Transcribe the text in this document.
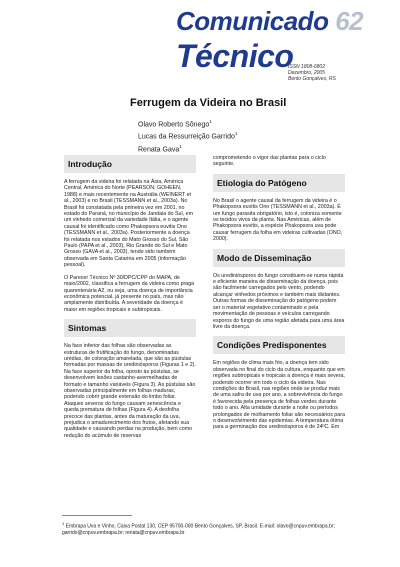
Comunicado 62
Técnico
ISSN 1808-6802
Dezembro, 2005
Bento Gonçalves, RS
Ferrugem da Videira no Brasil
Olavo Roberto Sônego$^1$
Lucas da Ressurreição Garrido$^1$
Renata Gava$^1$
Introdução

A ferrugem da videira foi relatada na Ásia, América Central, América do Norte (PEARSON; GOHEEN, 1988) e mais recentemente na Austrália (WEINERT et al., 2003) e no Brasil (TESSMANN et al., 2003a). No Brasil foi constatada pela primeira vez em 2001, no estado do Paraná, no município de Jandaia do Sul, em um vinhedo comercial da variedade Itália, e o agente causal foi identificado como Phakopsora euvitis Ono (TESSMANN et al., 2003a). Posteriormente a doença foi relatada nos estados do Mato Grosso do Sul, São Paulo (PAPA et al., 2003), Rio Grande do Sul e Mato Grosso (GAVA et al., 2003), tendo sido também observada em Santa Catarina em 2005 (informação pessoal).

O Parecer Técnico Nº 30/DPC/CPP do MAPA, de maio/2002, classifica a ferrugem da videira como praga quarentenária A2, ou seja, uma doença de importância econômica potencial, já presente no país, mas não amplamente distribuída. A severidade da doença é maior em regiões tropicais e subtropicais.

Sintomas

Na face inferior das folhas são observadas as estruturas de frutificação do fungo, denominadas urédias, de coloração amarelada, que são as pústulas formadas por massas de urediniósporos (Figuras 1 e 2). Na face superior da folha, oposto às pústulas, se desenvolvem lesões castanho-avermelhadas de formato e tamanho variáveis (Figura 3). As pústulas são observadas principalmente em folhas maduras, podendo cobrir grande extensão do limbo foliar. Ataques severos do fungo causam senescência e queda prematura de folhas (Figura 4). A desfolha precoce das plantas, antes da maturação da uva, prejudica o amadurecimento dos frutos, afetando sua qualidade e causando perdas na produção, bem como redução do acúmulo de reservas

comprometendo o vigor das plantas para o ciclo seguinte.

Etiologia do Patógeno

No Brasil o agente causal da ferrugem da videira é o Phakopsora euvitis Ono (TESSMANN et al., 2003a). É um fungo parasita obrigatório, isto é, coloniza somente os tecidos vivos da planta. Nas Américas, além de Phakopsora euvitis, a espécie Phakopsora uva pode causar ferrugem da folha em videiras cultivadas (ONO, 2000).

Modo de Disseminação

Os urediniósporos do fungo constituem-se numa rápida e eficiente maneira de disseminação da doença, pois são facilmente carregados pelo vento, podendo alcançar vinhedos próximos e também mais distantes. Outras formas de disseminação do patógeno podem ser o material vegetativo contaminado e pela movimentação de pessoas e veículos carregando esporos do fungo de uma região afetada para uma área livre da doença.

Condições Predisponentes

Em regiões de clima mais frio, a doença tem sido observada no final do ciclo da cultura, enquanto que em regiões subtropicais e tropicais a doença é mais severa, podendo ocorrer em todo o ciclo da videira. Nas condições do Brasil, nas regiões onde se produz mais de uma safra de uva por ano, a sobrevivência do fungo é favorecida pela presença de folhas verdes durante todo o ano. Alta umidade durante a noite ou períodos prolongados de molhamento foliar são necessários para o desenvolvimento das epidemias. A temperatura ótima para a germinação dos urediniósporos é de 24ºC. Em

$^1$ Embrapa Uva e Vinho, Caixa Postal 130, CEP 95700-000 Bento Gonçalves, SP, Brasil. E-mail: olavo@cnpuv.embrapa.br; garrido@cnpuv.embrapa.br; renata@cnpuv.embrapa.br
